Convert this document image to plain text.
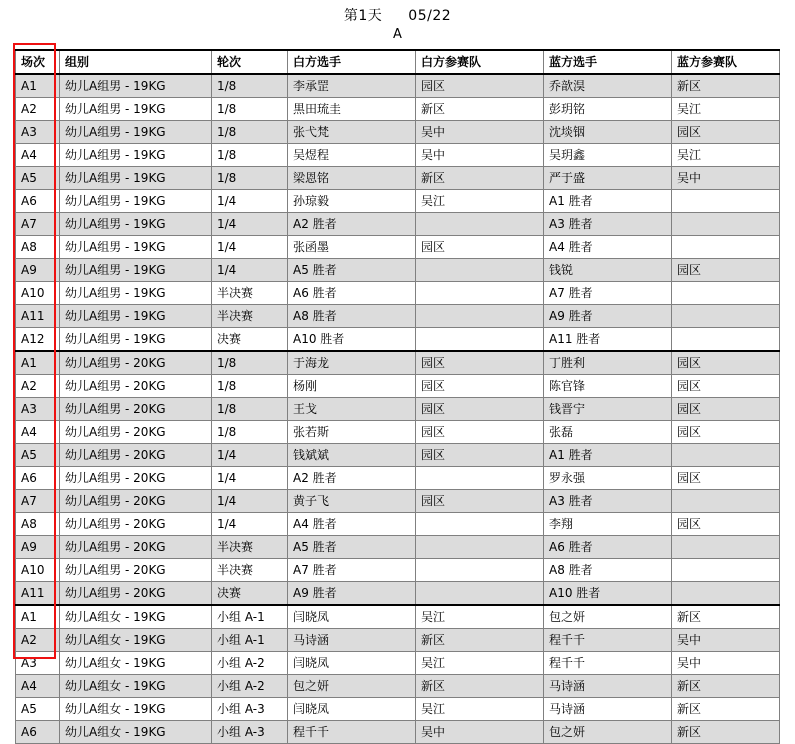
第1天 05/22
A
场次	组别	轮次	白方选手	白方参赛队	蓝方选手	蓝方参赛队
A1	幼儿A组男 - 19KG	1/8	李承罡	园区	乔歆淏	新区
A2	幼儿A组男 - 19KG	1/8	黒田琉圭	新区	彭玥铭	吴江
A3	幼儿A组男 - 19KG	1/8	张弋梵	吴中	沈埮铟	园区
A4	幼儿A组男 - 19KG	1/8	吴煜程	吴中	吴玥鑫	吴江
A5	幼儿A组男 - 19KG	1/8	梁恩铭	新区	严于盛	吴中
A6	幼儿A组男 - 19KG	1/4	孙琼毅	吴江	A1 胜者	
A7	幼儿A组男 - 19KG	1/4	A2 胜者		A3 胜者	
A8	幼儿A组男 - 19KG	1/4	张函墨	园区	A4 胜者	
A9	幼儿A组男 - 19KG	1/4	A5 胜者		钱锐	园区
A10	幼儿A组男 - 19KG	半决赛	A6 胜者		A7 胜者	
A11	幼儿A组男 - 19KG	半决赛	A8 胜者		A9 胜者	
A12	幼儿A组男 - 19KG	决赛	A10 胜者		A11 胜者	
A1	幼儿A组男 - 20KG	1/8	于海龙	园区	丁胜利	园区
A2	幼儿A组男 - 20KG	1/8	杨刚	园区	陈官锋	园区
A3	幼儿A组男 - 20KG	1/8	王戈	园区	钱晋宁	园区
A4	幼儿A组男 - 20KG	1/8	张若斯	园区	张磊	园区
A5	幼儿A组男 - 20KG	1/4	钱斌斌	园区	A1 胜者	
A6	幼儿A组男 - 20KG	1/4	A2 胜者		罗永强	园区
A7	幼儿A组男 - 20KG	1/4	黄子飞	园区	A3 胜者	
A8	幼儿A组男 - 20KG	1/4	A4 胜者		李翔	园区
A9	幼儿A组男 - 20KG	半决赛	A5 胜者		A6 胜者	
A10	幼儿A组男 - 20KG	半决赛	A7 胜者		A8 胜者	
A11	幼儿A组男 - 20KG	决赛	A9 胜者		A10 胜者	
A1	幼儿A组女 - 19KG	小组 A-1	闫晓凤	吴江	包之妍	新区
A2	幼儿A组女 - 19KG	小组 A-1	马诗涵	新区	程千千	吴中
A3	幼儿A组女 - 19KG	小组 A-2	闫晓凤	吴江	程千千	吴中
A4	幼儿A组女 - 19KG	小组 A-2	包之妍	新区	马诗涵	新区
A5	幼儿A组女 - 19KG	小组 A-3	闫晓凤	吴江	马诗涵	新区
A6	幼儿A组女 - 19KG	小组 A-3	程千千	吴中	包之妍	新区
